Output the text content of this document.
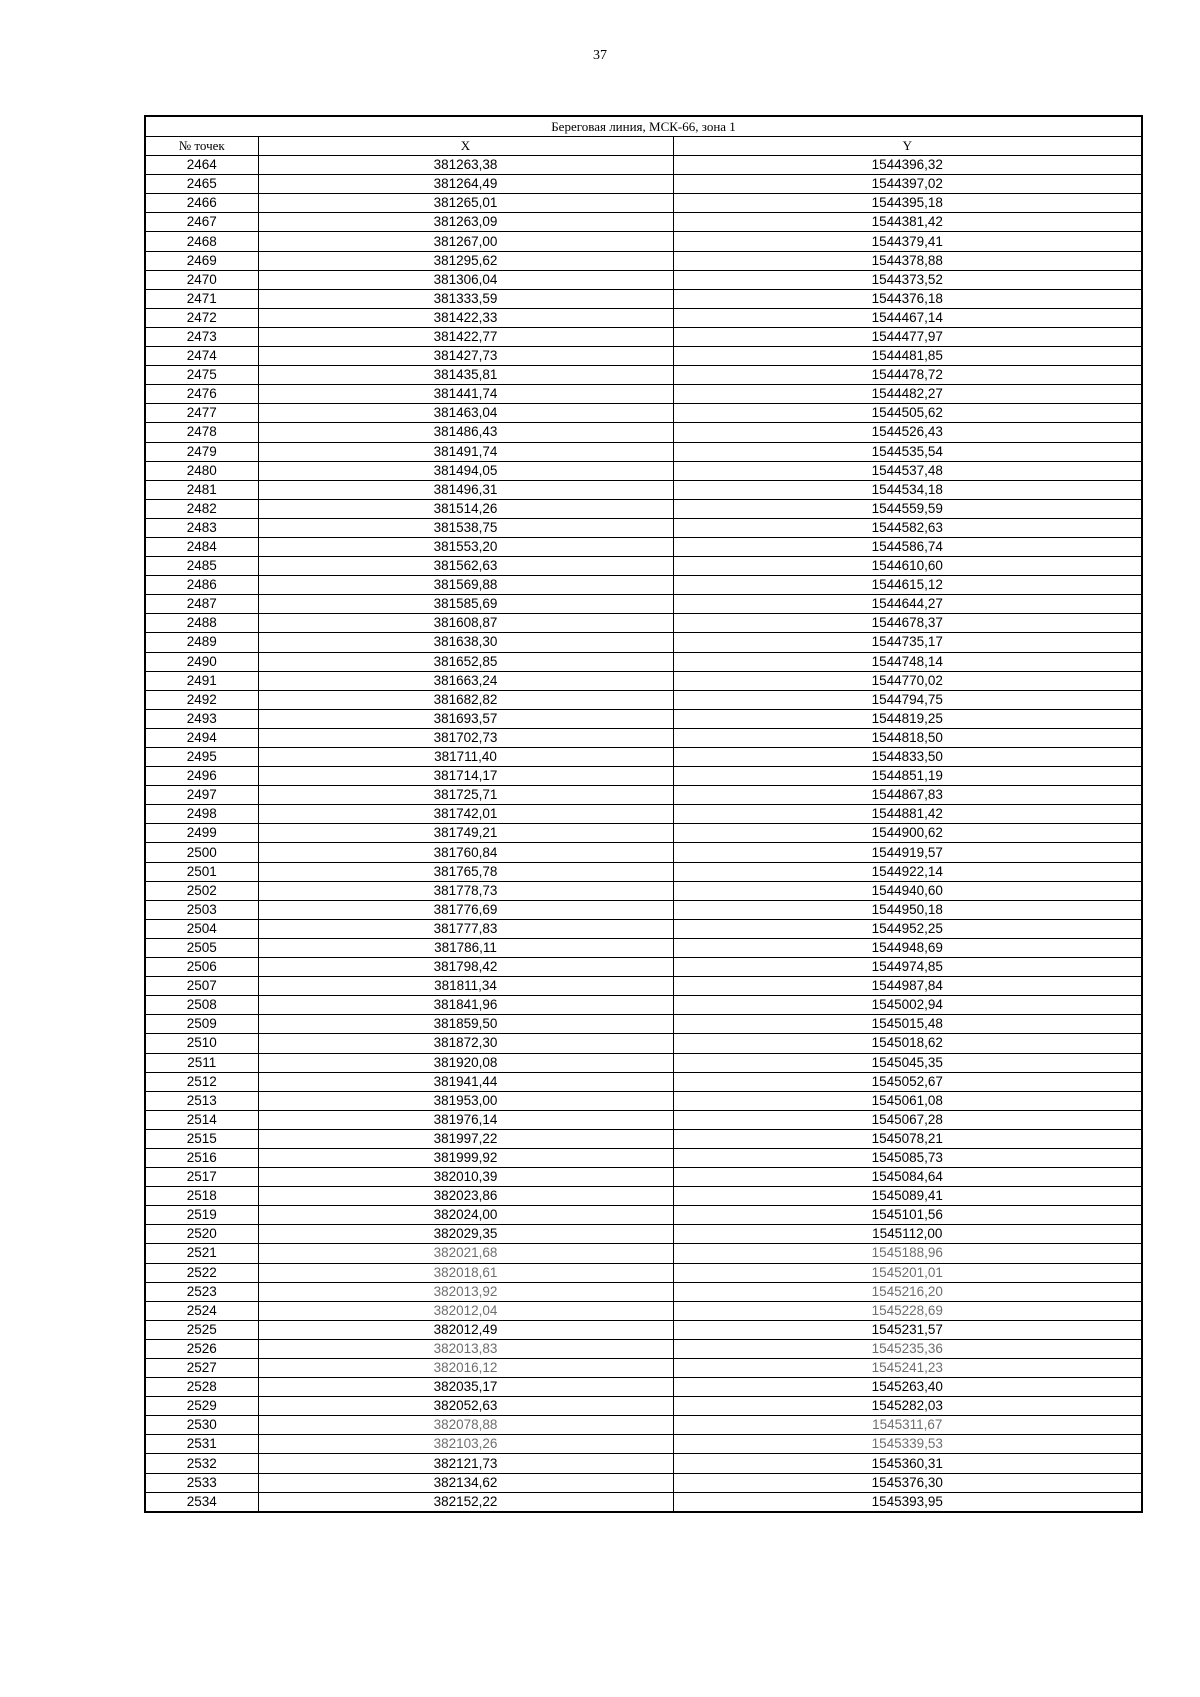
37
Береговая линия, МСК-66, зона 1		
№ точек	X	Y
2464	381263,38	1544396,32
2465	381264,49	1544397,02
2466	381265,01	1544395,18
2467	381263,09	1544381,42
2468	381267,00	1544379,41
2469	381295,62	1544378,88
2470	381306,04	1544373,52
2471	381333,59	1544376,18
2472	381422,33	1544467,14
2473	381422,77	1544477,97
2474	381427,73	1544481,85
2475	381435,81	1544478,72
2476	381441,74	1544482,27
2477	381463,04	1544505,62
2478	381486,43	1544526,43
2479	381491,74	1544535,54
2480	381494,05	1544537,48
2481	381496,31	1544534,18
2482	381514,26	1544559,59
2483	381538,75	1544582,63
2484	381553,20	1544586,74
2485	381562,63	1544610,60
2486	381569,88	1544615,12
2487	381585,69	1544644,27
2488	381608,87	1544678,37
2489	381638,30	1544735,17
2490	381652,85	1544748,14
2491	381663,24	1544770,02
2492	381682,82	1544794,75
2493	381693,57	1544819,25
2494	381702,73	1544818,50
2495	381711,40	1544833,50
2496	381714,17	1544851,19
2497	381725,71	1544867,83
2498	381742,01	1544881,42
2499	381749,21	1544900,62
2500	381760,84	1544919,57
2501	381765,78	1544922,14
2502	381778,73	1544940,60
2503	381776,69	1544950,18
2504	381777,83	1544952,25
2505	381786,11	1544948,69
2506	381798,42	1544974,85
2507	381811,34	1544987,84
2508	381841,96	1545002,94
2509	381859,50	1545015,48
2510	381872,30	1545018,62
2511	381920,08	1545045,35
2512	381941,44	1545052,67
2513	381953,00	1545061,08
2514	381976,14	1545067,28
2515	381997,22	1545078,21
2516	381999,92	1545085,73
2517	382010,39	1545084,64
2518	382023,86	1545089,41
2519	382024,00	1545101,56
2520	382029,35	1545112,00
2521	382021,68	1545188,96
2522	382018,61	1545201,01
2523	382013,92	1545216,20
2524	382012,04	1545228,69
2525	382012,49	1545231,57
2526	382013,83	1545235,36
2527	382016,12	1545241,23
2528	382035,17	1545263,40
2529	382052,63	1545282,03
2530	382078,88	1545311,67
2531	382103,26	1545339,53
2532	382121,73	1545360,31
2533	382134,62	1545376,30
2534	382152,22	1545393,95
